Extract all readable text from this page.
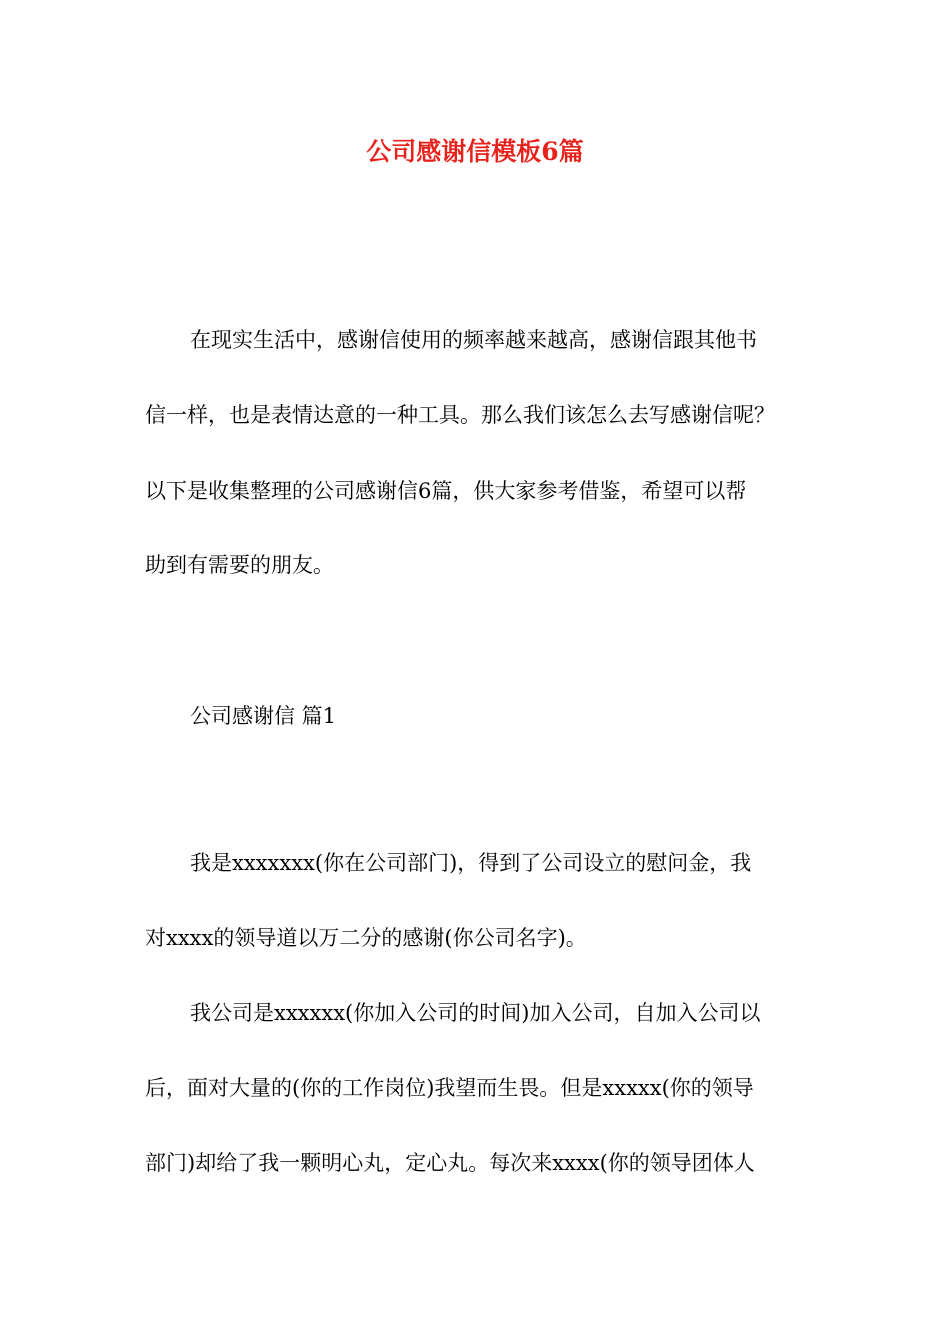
公司感谢信模板6篇

在现实生活中，感谢信使用的频率越来越高，感谢信跟其他书

信一样，也是表情达意的一种工具。那么我们该怎么去写感谢信呢？

以下是收集整理的公司感谢信6篇，供大家参考借鉴，希望可以帮

助到有需要的朋友。

公司感谢信 篇1

我是xxxxxxx(你在公司部门)，得到了公司设立的慰问金，我

对xxxx的领导道以万二分的感谢(你公司名字)。

我公司是xxxxxx(你加入公司的时间)加入公司，自加入公司以

后，面对大量的(你的工作岗位)我望而生畏。但是xxxxx(你的领导

部门)却给了我一颗明心丸，定心丸。每次来xxxx(你的领导团体人
